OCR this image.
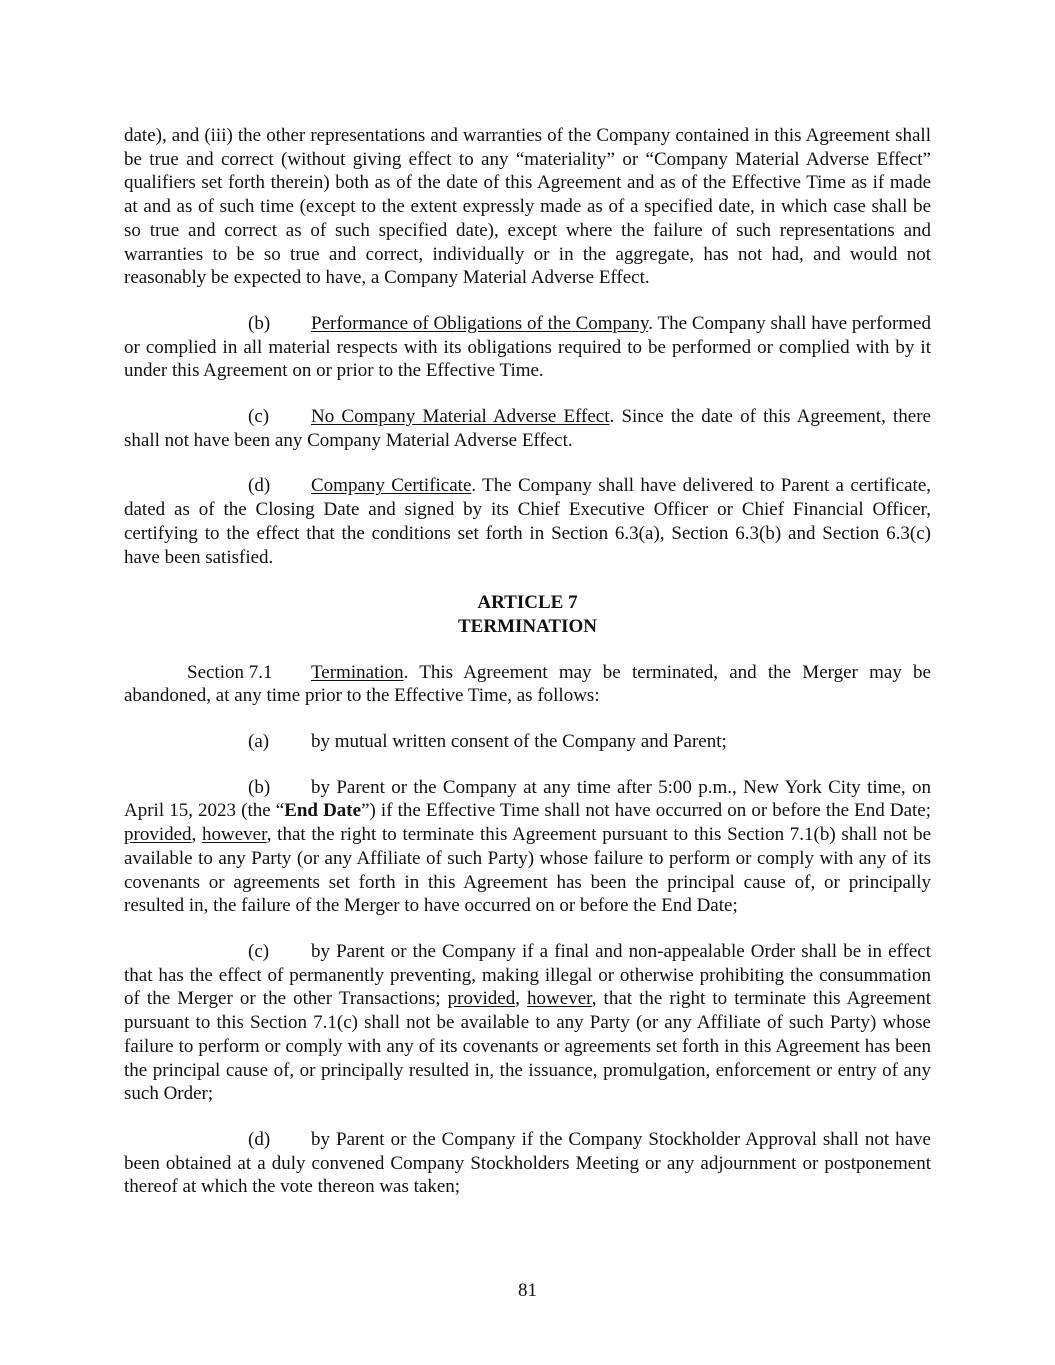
date), and (iii) the other representations and warranties of the Company contained in this Agreement shall be true and correct (without giving effect to any “materiality” or “Company Material Adverse Effect” qualifiers set forth therein) both as of the date of this Agreement and as of the Effective Time as if made at and as of such time (except to the extent expressly made as of a specified date, in which case shall be so true and correct as of such specified date), except where the failure of such representations and warranties to be so true and correct, individually or in the aggregate, has not had, and would not reasonably be expected to have, a Company Material Adverse Effect.

(b) Performance of Obligations of the Company. The Company shall have performed or complied in all material respects with its obligations required to be performed or complied with by it under this Agreement on or prior to the Effective Time.

(c) No Company Material Adverse Effect. Since the date of this Agreement, there shall not have been any Company Material Adverse Effect.

(d) Company Certificate. The Company shall have delivered to Parent a certificate, dated as of the Closing Date and signed by its Chief Executive Officer or Chief Financial Officer, certifying to the effect that the conditions set forth in Section 6.3(a), Section 6.3(b) and Section 6.3(c) have been satisfied.

ARTICLE 7
TERMINATION

Section 7.1 Termination. This Agreement may be terminated, and the Merger may be abandoned, at any time prior to the Effective Time, as follows:

(a) by mutual written consent of the Company and Parent;

(b) by Parent or the Company at any time after 5:00 p.m., New York City time, on April 15, 2023 (the “End Date”) if the Effective Time shall not have occurred on or before the End Date; provided, however, that the right to terminate this Agreement pursuant to this Section 7.1(b) shall not be available to any Party (or any Affiliate of such Party) whose failure to perform or comply with any of its covenants or agreements set forth in this Agreement has been the principal cause of, or principally resulted in, the failure of the Merger to have occurred on or before the End Date;

(c) by Parent or the Company if a final and non-appealable Order shall be in effect that has the effect of permanently preventing, making illegal or otherwise prohibiting the consummation of the Merger or the other Transactions; provided, however, that the right to terminate this Agreement pursuant to this Section 7.1(c) shall not be available to any Party (or any Affiliate of such Party) whose failure to perform or comply with any of its covenants or agreements set forth in this Agreement has been the principal cause of, or principally resulted in, the issuance, promulgation, enforcement or entry of any such Order;

(d) by Parent or the Company if the Company Stockholder Approval shall not have been obtained at a duly convened Company Stockholders Meeting or any adjournment or postponement thereof at which the vote thereon was taken;

81
